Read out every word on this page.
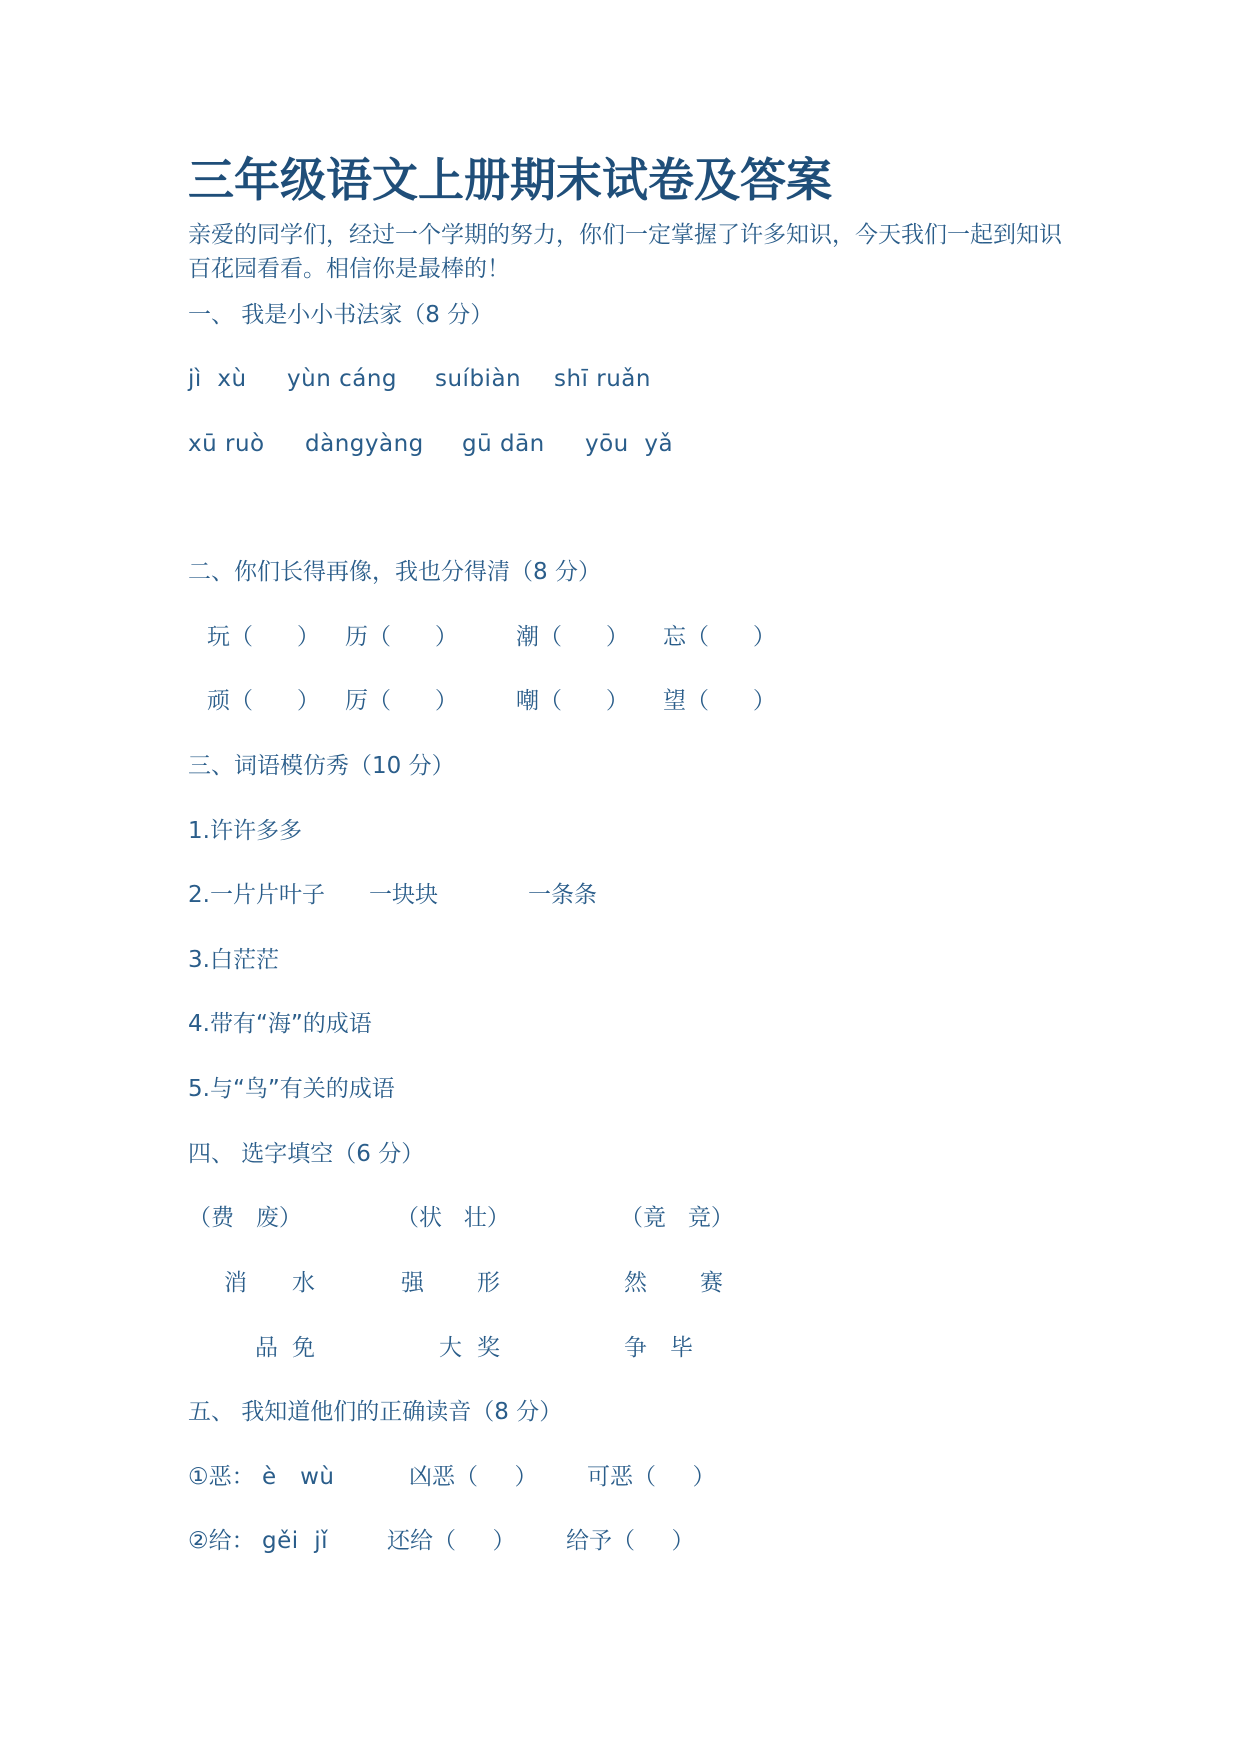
三年级语文上册期末试卷及答案
亲爱的同学们，经过一个学期的努力，你们一定掌握了许多知识，今天我们一起到知识百花园看看。相信你是最棒的！
一、 我是小小书法家（8 分）
jì  xù yùn cáng suíbiàn shī ruǎn
xū ruò dàngyàng gū dān yōu  yǎ
二、你们长得再像，我也分得清（8 分）
玩（      ） 历（      ）	潮（      ） 忘（      ）
顽（      ） 厉（      ）	嘲（      ） 望（      ）
三、词语模仿秀（10 分）
1.许许多多
2.一片片叶子 一块块	一条条
3.白茫茫
4.带有“海”的成语
5.与“鸟”有关的成语
四、 选字填空（6 分）
（费   废）	（状   壮）	（竟   竞）
消 水	强 形	然 赛
品 免	大 奖	争 毕
五、 我知道他们的正确读音（8 分）
①恶： è   wù	凶恶（     ） 可恶（     ）
②给： gěi  jǐ	还给（     ） 给予（     ）
